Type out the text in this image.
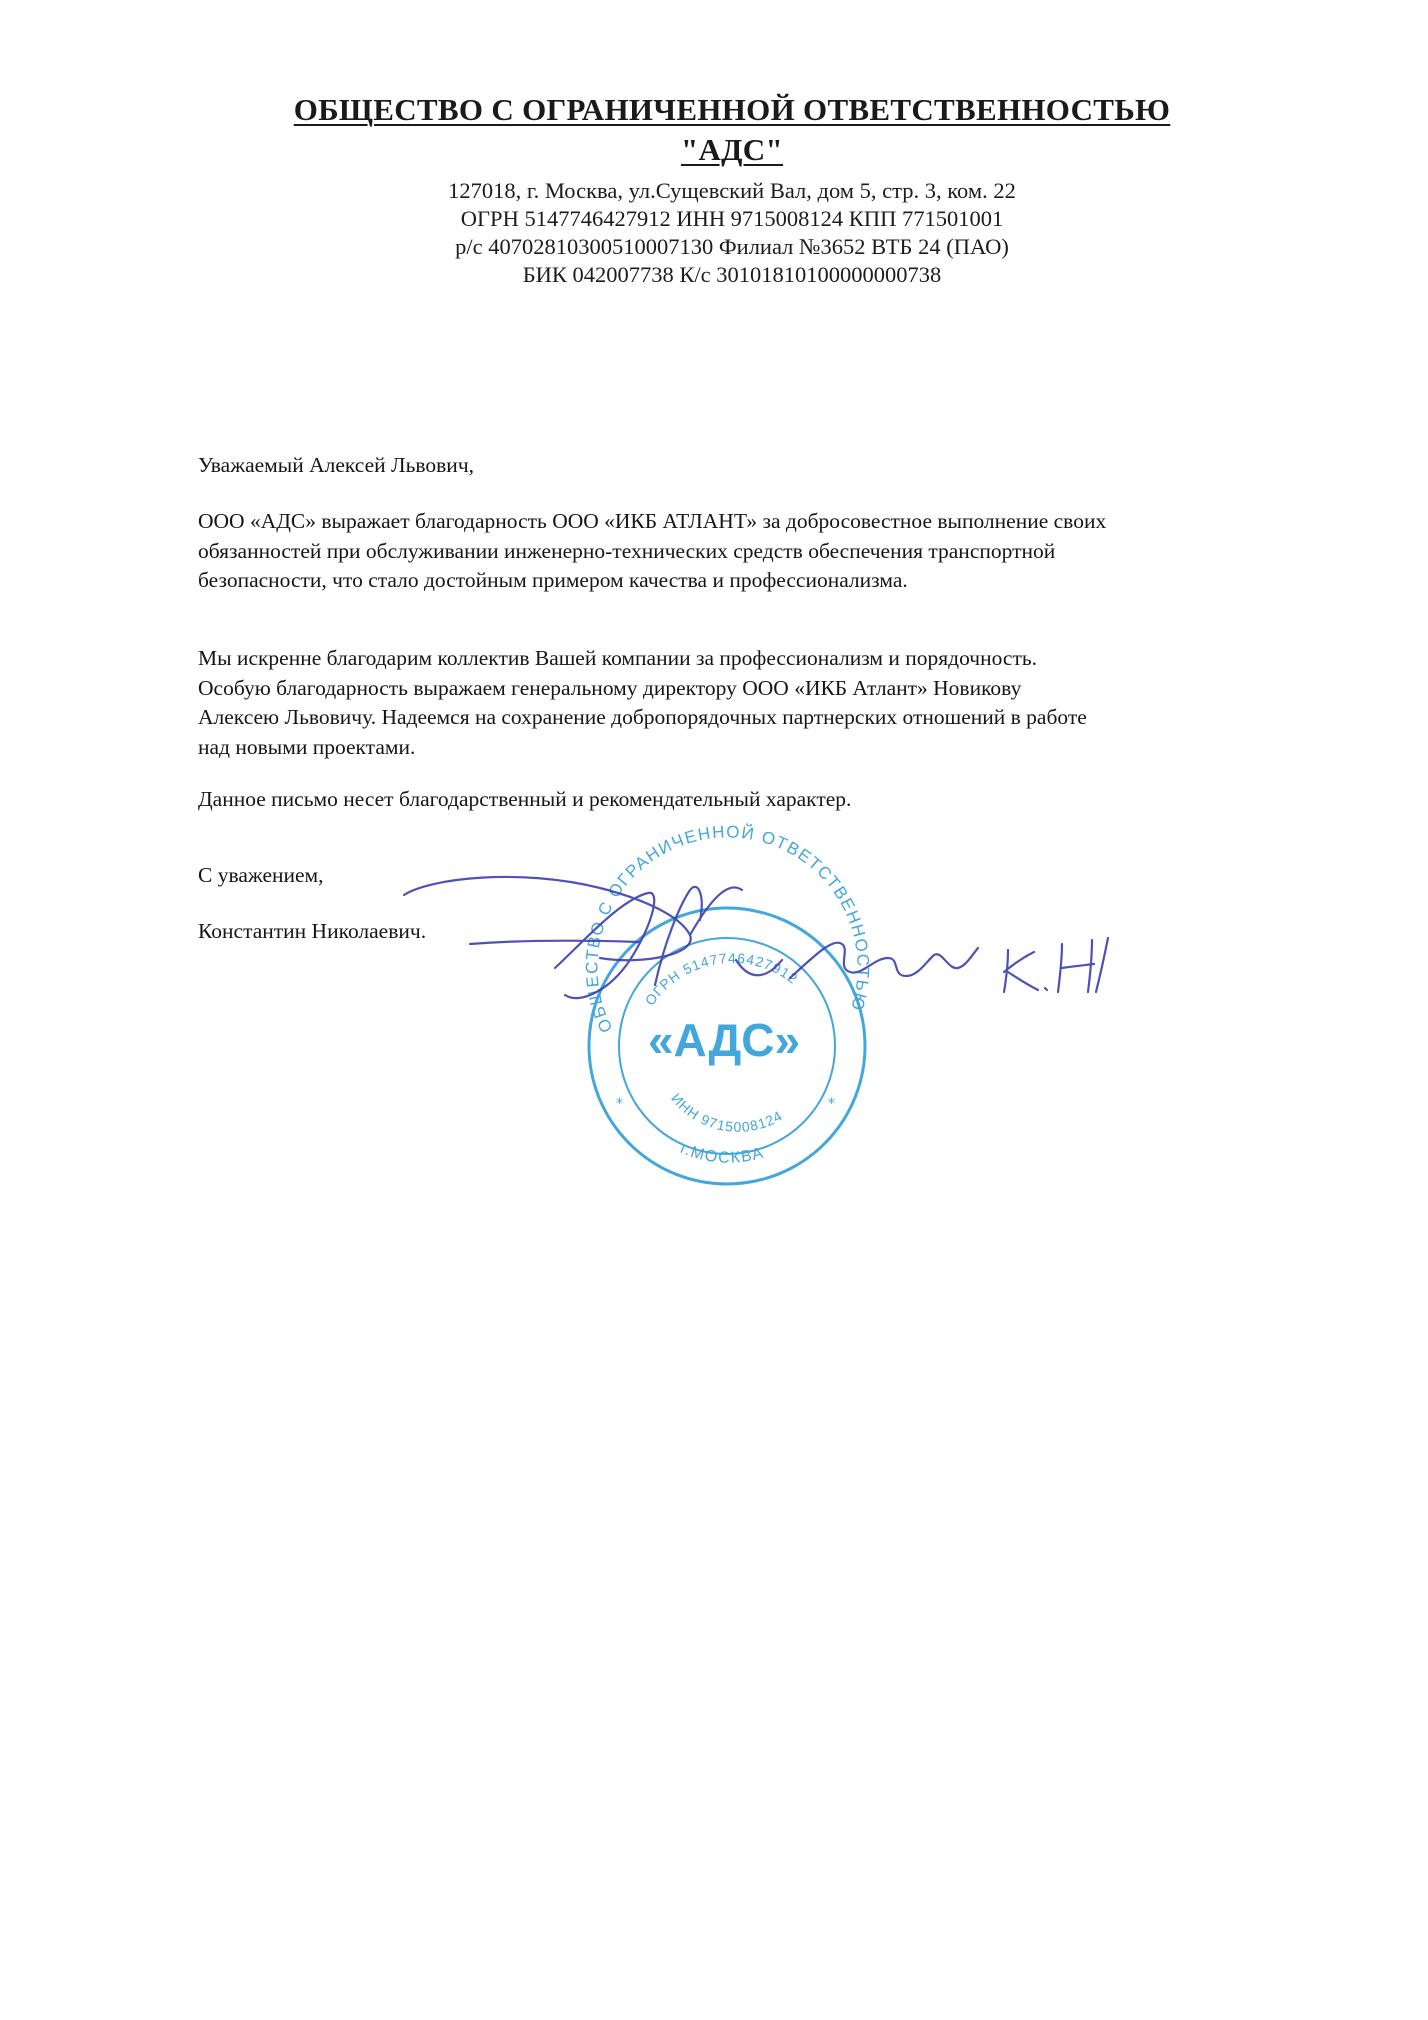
ОБЩЕСТВО С ОГРАНИЧЕННОЙ ОТВЕТСТВЕННОСТЬЮ
"АДС"
127018, г. Москва, ул.Сущевский Вал, дом 5, стр. 3, ком. 22
ОГРН 5147746427912 ИНН 9715008124 КПП 771501001
р/с 40702810300510007130 Филиал №3652 ВТБ 24 (ПАО)
БИК 042007738 К/с 30101810100000000738

Уважаемый Алексей Львович,

ООО «АДС» выражает благодарность ООО «ИКБ АТЛАНТ» за добросовестное выполнение своих

обязанностей при обслуживании инженерно-технических средств обеспечения транспортной

безопасности, что стало достойным примером качества и профессионализма.

Мы искренне благодарим коллектив Вашей компании за профессионализм и порядочность.

Особую благодарность выражаем генеральному директору ООО «ИКБ Атлант» Новикову

Алексею Львовичу. Надеемся на сохранение добропорядочных партнерских отношений в работе

над новыми проектами.

Данное письмо несет благодарственный и рекомендательный характер.

С уважением,

Константин Николаевич.

ОБЩЕСТВО С ОГРАНИЧЕННОЙ ОТВЕТСТВЕННОСТЬЮ
ОГРН 5147746427912
«АДС»
ИНН 9715008124
г.МОСКВА
*	*
